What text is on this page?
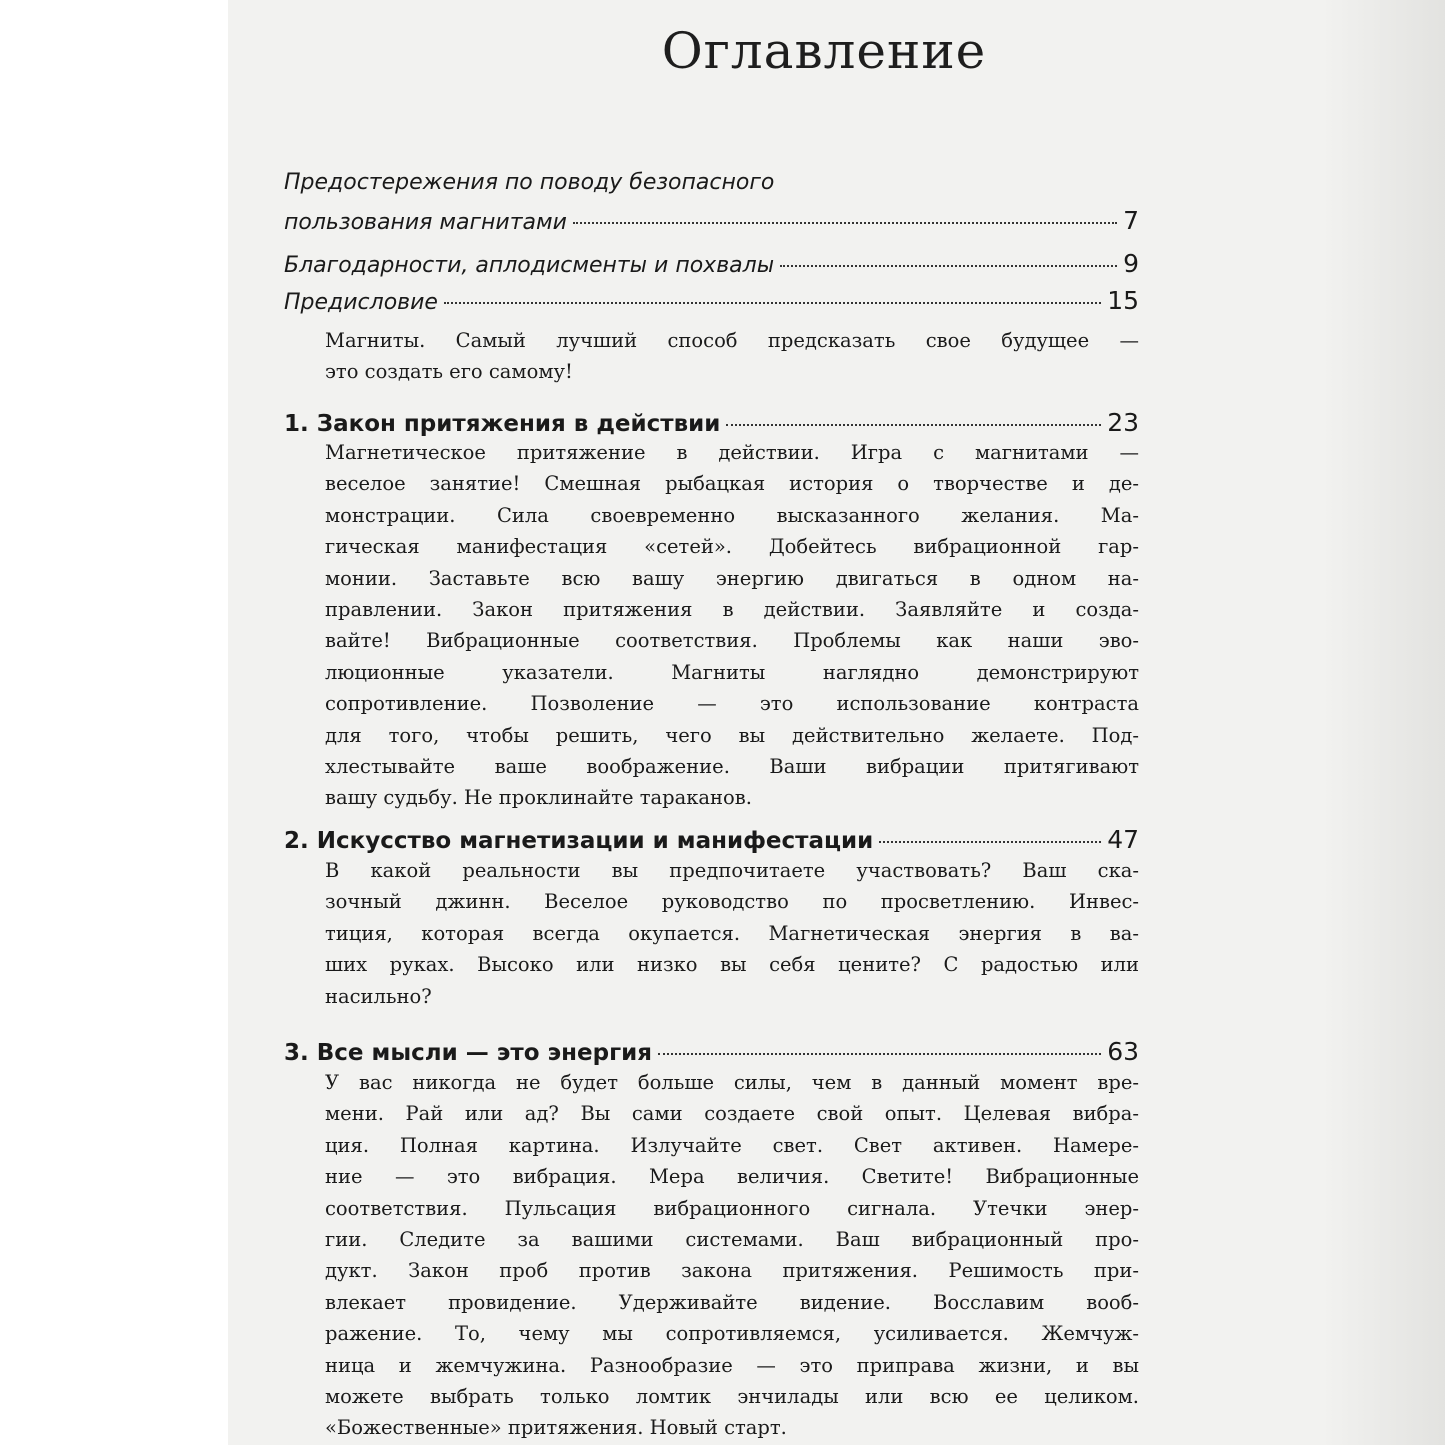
Оглавление
Предостережения по поводу безопасного
пользования магнитами	7
Благодарности, аплодисменты и похвалы	9
Предисловие	15
Магниты. Самый лучший способ предсказать свое будущее —
это создать его самому!
1. Закон притяжения в действии	23
Магнетическое притяжение в действии. Игра с магнитами —
веселое занятие! Смешная рыбацкая история о творчестве и де-
монстрации. Сила своевременно высказанного желания. Ма-
гическая манифестация «сетей». Добейтесь вибрационной гар-
монии. Заставьте всю вашу энергию двигаться в одном на-
правлении. Закон притяжения в действии. Заявляйте и созда-
вайте! Вибрационные соответствия. Проблемы как наши эво-
люционные указатели. Магниты наглядно демонстрируют
сопротивление. Позволение — это использование контраста
для того, чтобы решить, чего вы действительно желаете. Под-
хлестывайте ваше воображение. Ваши вибрации притягивают
вашу судьбу. Не проклинайте тараканов.
2. Искусство магнетизации и манифестации	47
В какой реальности вы предпочитаете участвовать? Ваш ска-
зочный джинн. Веселое руководство по просветлению. Инвес-
тиция, которая всегда окупается. Магнетическая энергия в ва-
ших руках. Высоко или низко вы себя цените? С радостью или
насильно?
3. Все мысли — это энергия	63
У вас никогда не будет больше силы, чем в данный момент вре-
мени. Рай или ад? Вы сами создаете свой опыт. Целевая вибра-
ция. Полная картина. Излучайте свет. Свет активен. Намере-
ние — это вибрация. Мера величия. Светите! Вибрационные
соответствия. Пульсация вибрационного сигнала. Утечки энер-
гии. Следите за вашими системами. Ваш вибрационный про-
дукт. Закон проб против закона притяжения. Решимость при-
влекает провидение. Удерживайте видение. Восславим вооб-
ражение. То, чему мы сопротивляемся, усиливается. Жемчуж-
ница и жемчужина. Разнообразие — это приправа жизни, и вы
можете выбрать только ломтик энчилады или всю ее целиком.
«Божественные» притяжения. Новый старт.
